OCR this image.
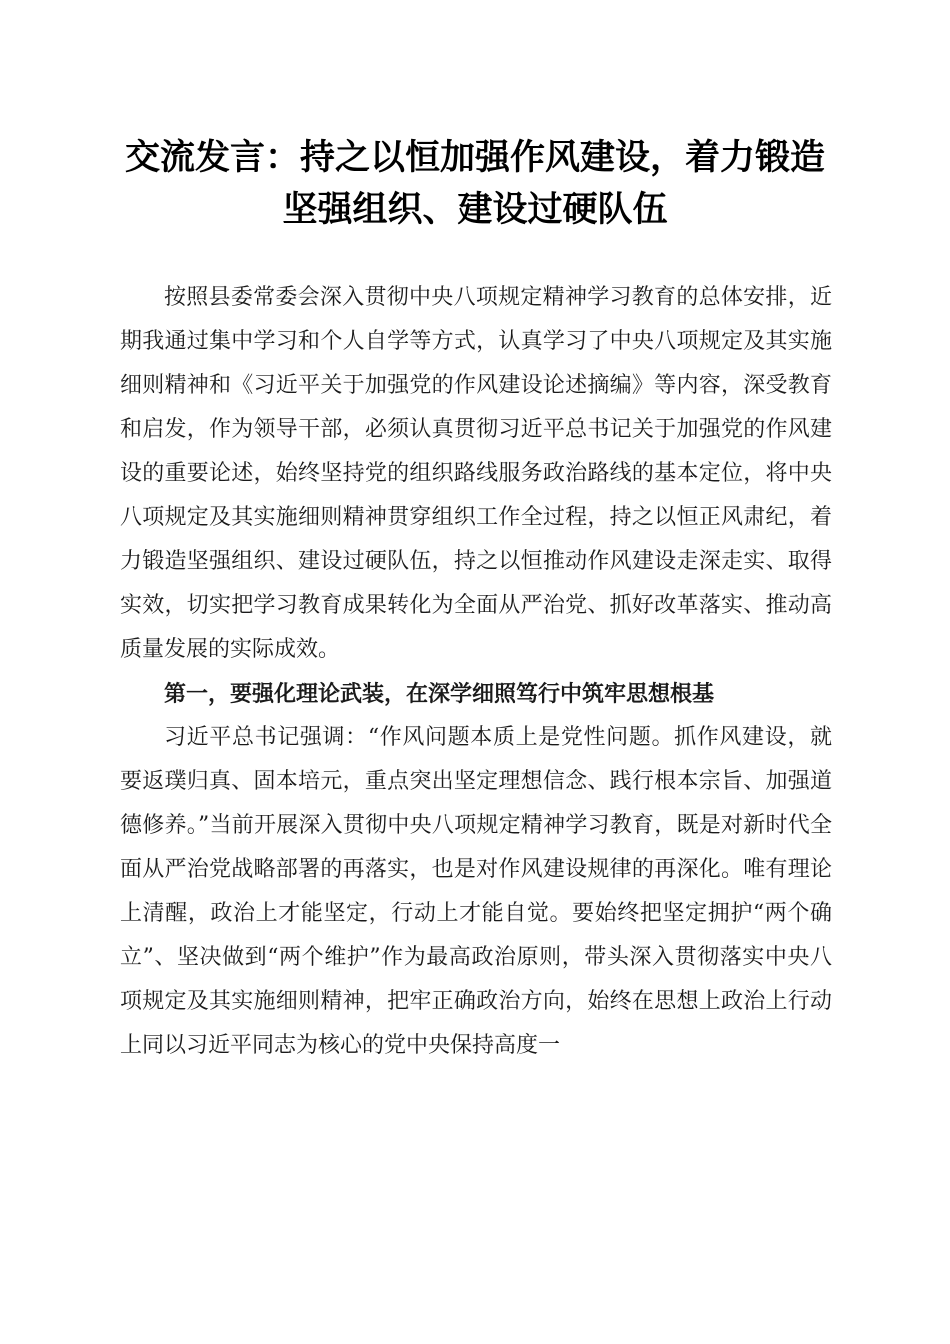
交流发言：持之以恒加强作风建设，着力锻造
坚强组织、建设过硬队伍

按照县委常委会深入贯彻中央八项规定精神学习教育的总体安排，近期我通过集中学习和个人自学等方式，认真学习了中央八项规定及其实施细则精神和《习近平关于加强党的作风建设论述摘编》等内容，深受教育和启发，作为领导干部，必须认真贯彻习近平总书记关于加强党的作风建设的重要论述，始终坚持党的组织路线服务政治路线的基本定位，将中央八项规定及其实施细则精神贯穿组织工作全过程，持之以恒正风肃纪，着力锻造坚强组织、建设过硬队伍，持之以恒推动作风建设走深走实、取得实效，切实把学习教育成果转化为全面从严治党、抓好改革落实、推动高质量发展的实际成效。

第一，要强化理论武装，在深学细照笃行中筑牢思想根基

习近平总书记强调：“作风问题本质上是党性问题。抓作风建设，就要返璞归真、固本培元，重点突出坚定理想信念、践行根本宗旨、加强道德修养。”当前开展深入贯彻中央八项规定精神学习教育，既是对新时代全面从严治党战略部署的再落实，也是对作风建设规律的再深化。唯有理论上清醒，政治上才能坚定，行动上才能自觉。要始终把坚定拥护“两个确立”、坚决做到“两个维护”作为最高政治原则，带头深入贯彻落实中央八项规定及其实施细则精神，把牢正确政治方向，始终在思想上政治上行动上同以习近平同志为核心的党中央保持高度一
